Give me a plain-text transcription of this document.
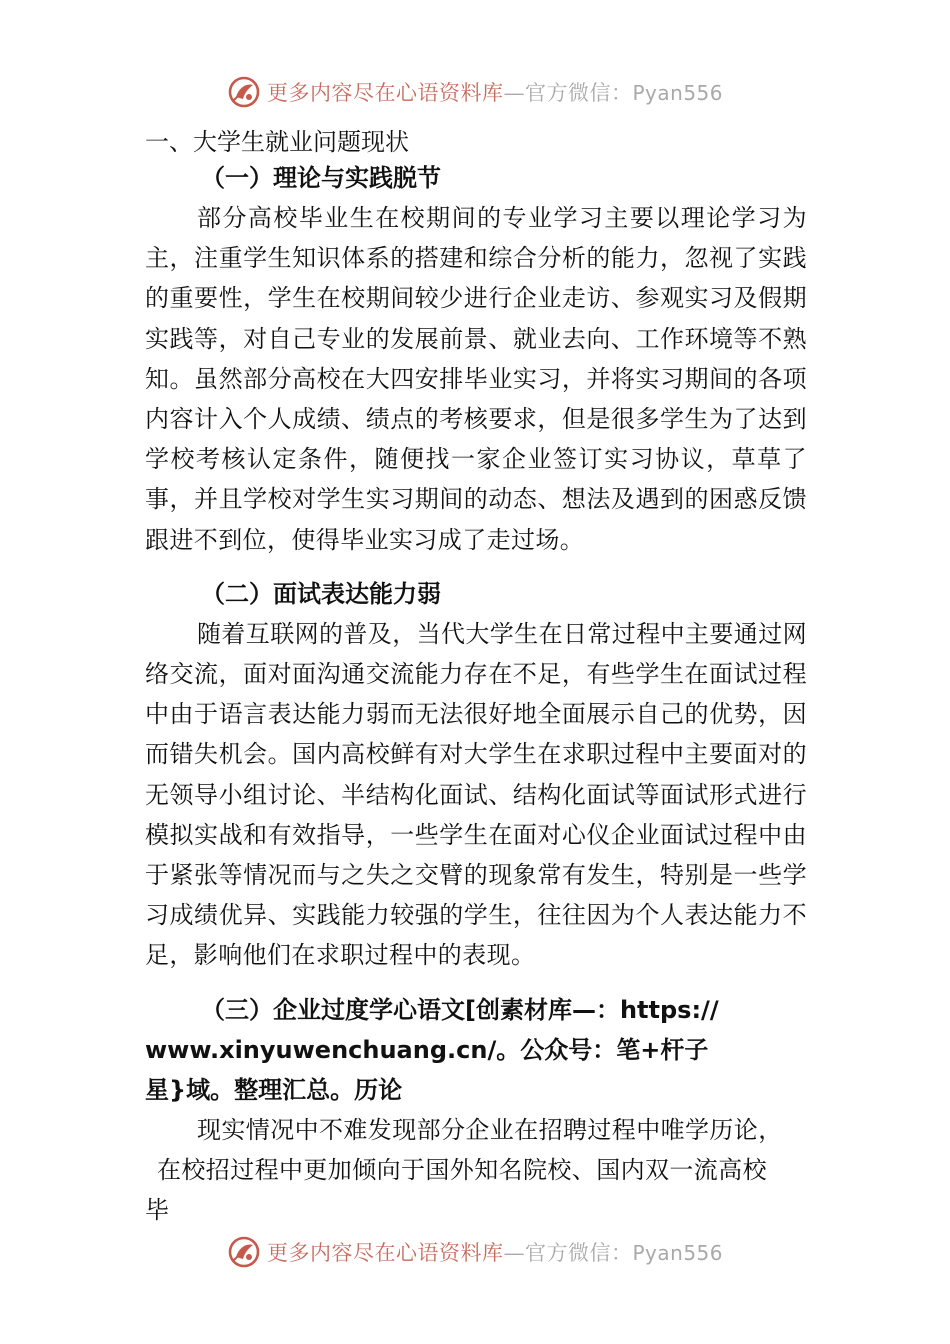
更多内容尽在心语资料库—官方微信：Pyan556
一、大学生就业问题现状
（一）理论与实践脱节

部分高校毕业生在校期间的专业学习主要以理论学习为主，注重学生知识体系的搭建和综合分析的能力，忽视了实践的重要性，学生在校期间较少进行企业走访、参观实习及假期实践等，对自己专业的发展前景、就业去向、工作环境等不熟知。虽然部分高校在大四安排毕业实习，并将实习期间的各项内容计入个人成绩、绩点的考核要求，但是很多学生为了达到学校考核认定条件，随便找一家企业签订实习协议，草草了事，并且学校对学生实习期间的动态、想法及遇到的困惑反馈跟进不到位，使得毕业实习成了走过场。

（二）面试表达能力弱

随着互联网的普及，当代大学生在日常过程中主要通过网络交流，面对面沟通交流能力存在不足，有些学生在面试过程中由于语言表达能力弱而无法很好地全面展示自己的优势，因而错失机会。国内高校鲜有对大学生在求职过程中主要面对的无领导小组讨论、半结构化面试、结构化面试等面试形式进行模拟实战和有效指导，一些学生在面对心仪企业面试过程中由于紧张等情况而与之失之交臂的现象常有发生，特别是一些学习成绩优异、实践能力较强的学生，往往因为个人表达能力不足，影响他们在求职过程中的表现。

（三）企业过度学心语文[创素材库—：https://
www.xinyuwenchuang.cn/。公众号：笔+杆子
星}域。整理汇总。历论
现实情况中不难发现部分企业在招聘过程中唯学历论，
在校招过程中更加倾向于国外知名院校、国内双一流高校
毕
更多内容尽在心语资料库—官方微信：Pyan556
